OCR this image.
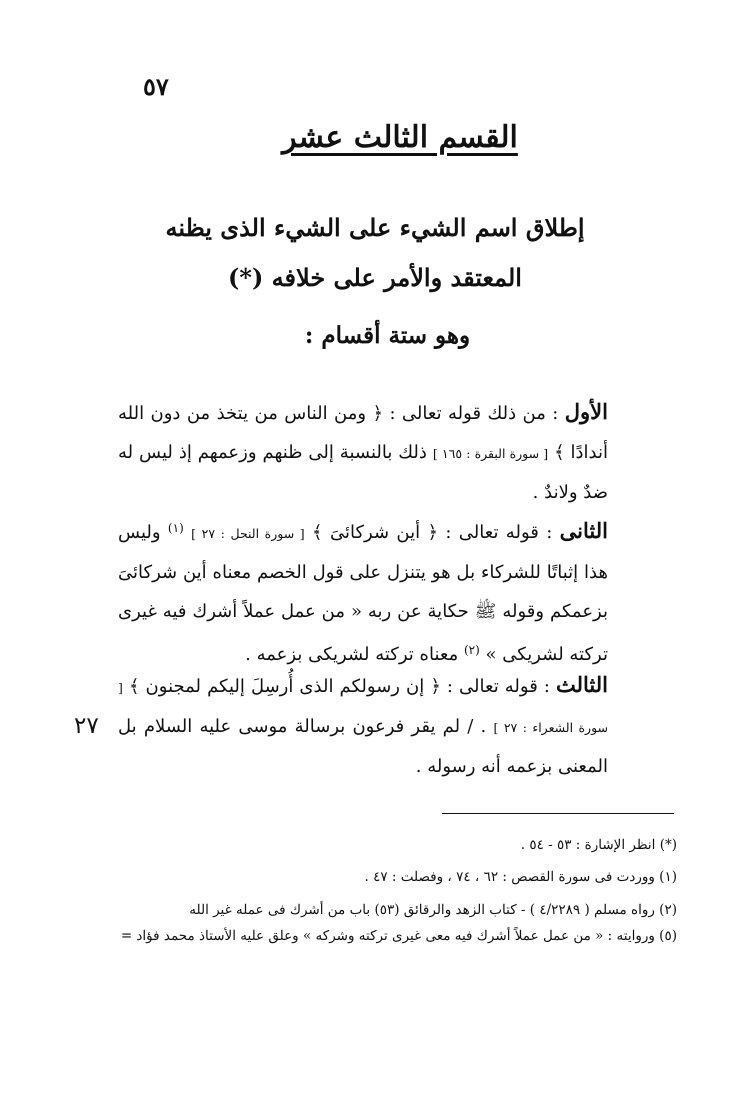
٥٧
القسم الثالث عشر
إطلاق اسم الشيء على الشيء الذى يظنه
المعتقد والأمر على خلافه (*)
وهو ستة أقسام :
الأول : من ذلك قوله تعالى : ﴿ ومن الناس من يتخذ من دون الله أندادًا ﴾ [ سورة البقرة : ١٦٥ ] ذلك بالنسبة إلى ظنهم وزعمهم إذ ليس له ضدٌ ولاندٌ .
الثانى : قوله تعالى : ﴿ أين شركائىَ ﴾ [ سورة النحل : ٢٧ ] $^{(١)}$ وليس هذا إثباتًا للشركاء بل هو يتنزل على قول الخصم معناه أين شركائىَ بزعمكم وقوله ﷺ حكاية عن ربه « من عمل عملاً أشرك فيه غيرى تركته لشريكى » $^{(٢)}$ معناه تركته لشريكى بزعمه .
الثالث : قوله تعالى : ﴿ إن رسولكم الذى أُرسِلَ إليكم لمجنون ﴾ [ سورة الشعراء : ٢٧ ] . / لم يقر فرعون برسالة موسى عليه السلام بل المعنى بزعمه أنه رسوله .
٢٧
(*) انظر الإشارة : ٥٣ - ٥٤ .
(١) ووردت فى سورة القصص : ٦٢ ، ٧٤ ، وفصلت : ٤٧ .
(٢) رواه مسلم ( ٤/٢٢٨٩ ) - كتاب الزهد والرقائق (٥٣) باب من أشرك فى عمله غير الله
(٥) وروايته : « من عمل عملاً أشرك فيه معى غيرى تركته وشركه » وعلق عليه الأستاذ محمد فؤاد =
